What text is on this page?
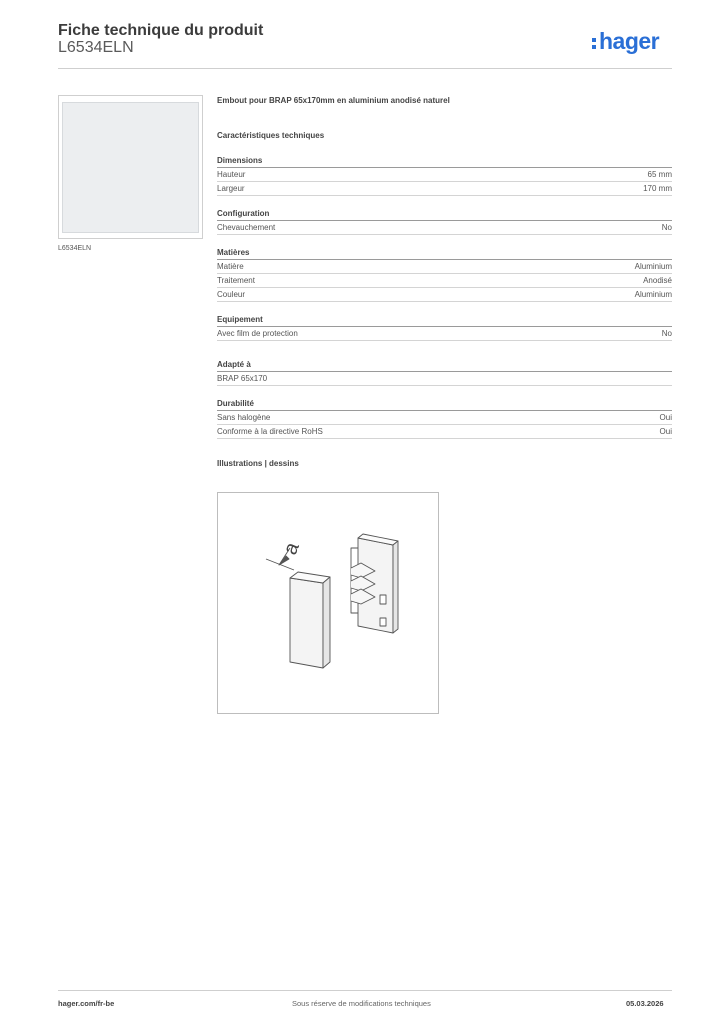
Fiche technique du produit
L6534ELN	hager
L6534ELN
Embout pour BRAP 65x170mm en aluminium anodisé naturel
Caractéristiques techniques
Dimensions
Hauteur	65 mm
Largeur	170 mm
Configuration
Chevauchement	No
Matières
Matière	Aluminium
Traitement	Anodisé
Couleur	Aluminium
Equipement
Avec film de protection	No
Adapté à
BRAP 65x170
Durabilité
Sans halogène	Oui
Conforme à la directive RoHS	Oui
Illustrations | dessins
a
hager.com/fr-be	Sous réserve de modifications techniques	05.03.2026
